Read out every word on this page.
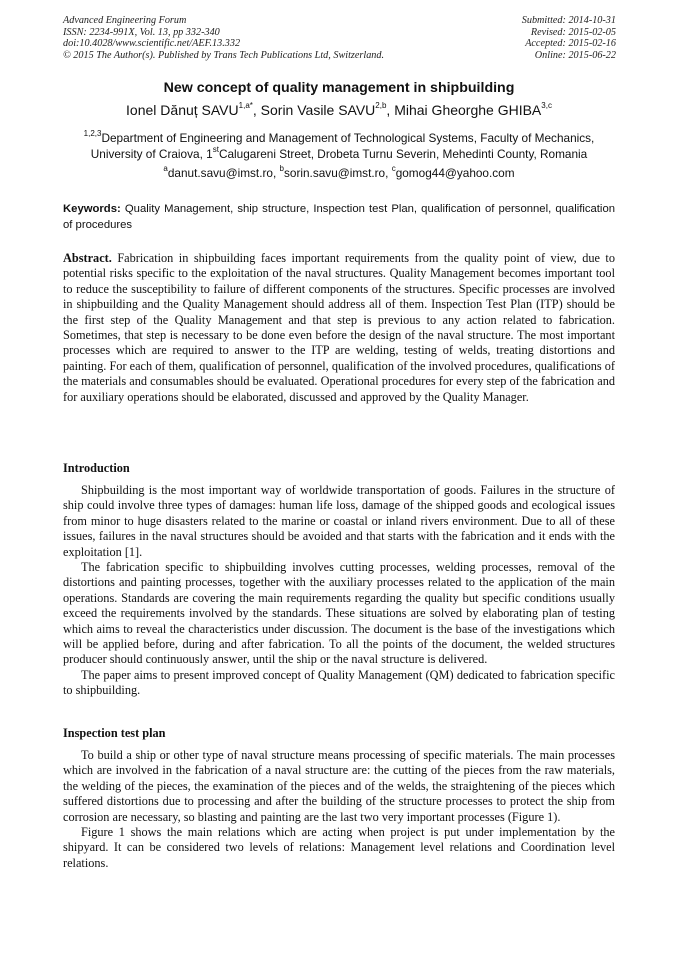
Advanced Engineering Forum
ISSN: 2234-991X, Vol. 13, pp 332-340
doi:10.4028/www.scientific.net/AEF.13.332
© 2015 The Author(s). Published by Trans Tech Publications Ltd, Switzerland.
Submitted: 2014-10-31
Revised: 2015-02-05
Accepted: 2015-02-16
Online: 2015-06-22
New concept of quality management in shipbuilding
Ionel Dănuț $SAVU^{1,a*}$, Sorin Vasile SAVU$^{2,b}$, Mihai Gheorghe GHIBA$^{3,c}$
$^{1,2,3}$Department of Engineering and Management of Technological Systems, Faculty of Mechanics,
University of Craiova, 1stCalugareni Street, Drobeta Turnu Severin, Mehedinti County, Romania
$^a$danut.savu@imst.ro, $^b$sorin.savu@imst.ro, $^c$gomog44@yahoo.com
Keywords: Quality Management, ship structure, Inspection test Plan, qualification of personnel, qualification of procedures
Abstract. Fabrication in shipbuilding faces important requirements from the quality point of view, due to potential risks specific to the exploitation of the naval structures. Quality Management becomes important tool to reduce the susceptibility to failure of different components of the structures. Specific processes are involved in shipbuilding and the Quality Management should address all of them. Inspection Test Plan (ITP) should be the first step of the Quality Management and that step is previous to any action related to fabrication. Sometimes, that step is necessary to be done even before the design of the naval structure. The most important processes which are required to answer to the ITP are welding, testing of welds, treating distortions and painting. For each of them, qualification of personnel, qualification of the involved procedures, qualifications of the materials and consumables should be evaluated. Operational procedures for every step of the fabrication and for auxiliary operations should be elaborated, discussed and approved by the Quality Manager.
Introduction

Shipbuilding is the most important way of worldwide transportation of goods. Failures in the structure of ship could involve three types of damages: human life loss, damage of the shipped goods and ecological issues from minor to huge disasters related to the marine or coastal or inland rivers environment. Due to all of these issues, failures in the naval structures should be avoided and that starts with the fabrication and it ends with the exploitation [1].

The fabrication specific to shipbuilding involves cutting processes, welding processes, removal of the distortions and painting processes, together with the auxiliary processes related to the application of the main operations. Standards are covering the main requirements regarding the quality but specific conditions usually exceed the requirements involved by the standards. These situations are solved by elaborating plan of testing which aims to reveal the characteristics under discussion. The document is the base of the investigations which will be applied before, during and after fabrication. To all the points of the document, the welded structures producer should continuously answer, until the ship or the naval structure is delivered.

The paper aims to present improved concept of Quality Management (QM) dedicated to fabrication specific to shipbuilding.

Inspection test plan

To build a ship or other type of naval structure means processing of specific materials. The main processes which are involved in the fabrication of a naval structure are: the cutting of the pieces from the raw materials, the welding of the pieces, the examination of the pieces and of the welds, the straightening of the pieces which suffered distortions due to processing and after the building of the structure processes to protect the ship from corrosion are necessary, so blasting and painting are the last two very important processes (Figure 1).

Figure 1 shows the main relations which are acting when project is put under implementation by the shipyard. It can be considered two levels of relations: Management level relations and Coordination level relations.
